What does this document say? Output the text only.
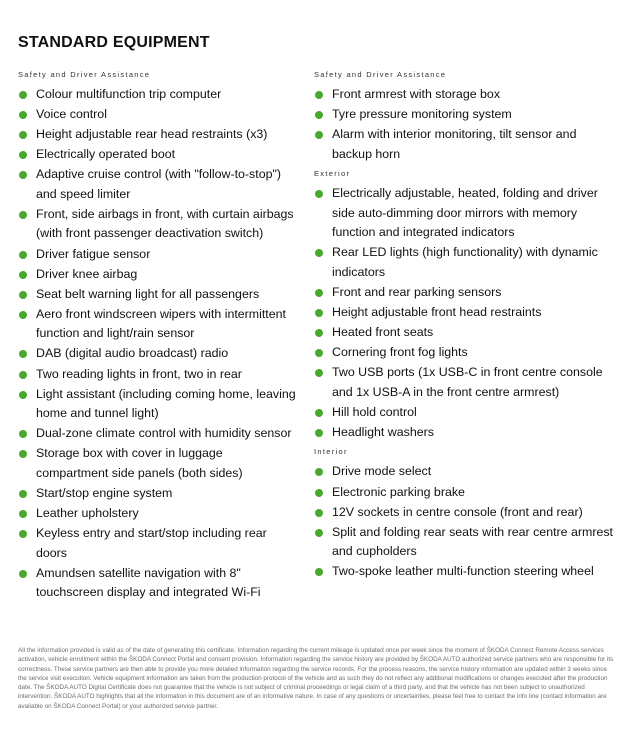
STANDARD EQUIPMENT
Safety and Driver Assistance
Colour multifunction trip computer
Voice control
Height adjustable rear head restraints (x3)
Electrically operated boot
Adaptive cruise control (with "follow-to-stop") and speed limiter
Front, side airbags in front, with curtain airbags (with front passenger deactivation switch)
Driver fatigue sensor
Driver knee airbag
Seat belt warning light for all passengers
Aero front windscreen wipers with intermittent function and light/rain sensor
DAB (digital audio broadcast) radio
Two reading lights in front, two in rear
Light assistant (including coming home, leaving home and tunnel light)
Dual-zone climate control with humidity sensor
Storage box with cover in luggage compartment side panels (both sides)
Start/stop engine system
Leather upholstery
Keyless entry and start/stop including rear doors
Amundsen satellite navigation with 8" touchscreen display and integrated Wi-Fi
Safety and Driver Assistance
Front armrest with storage box
Tyre pressure monitoring system
Alarm with interior monitoring, tilt sensor and backup horn
Exterior
Electrically adjustable, heated, folding and driver side auto-dimming door mirrors with memory function and integrated indicators
Rear LED lights (high functionality) with dynamic indicators
Front and rear parking sensors
Height adjustable front head restraints
Heated front seats
Cornering front fog lights
Two USB ports (1x USB-C in front centre console and 1x USB-A in the front centre armrest)
Hill hold control
Headlight washers
Interior
Drive mode select
Electronic parking brake
12V sockets in centre console (front and rear)
Split and folding rear seats with rear centre armrest and cupholders
Two-spoke leather multi-function steering wheel
All the information provided is valid as of the date of generating this certificate. Information regarding the current mileage is updated once per week since the moment of ŠKODA Connect Remote Access services activation, vehicle enrollment within the ŠKODA Connect Portal and consent provision. Information regarding the service history are provided by ŠKODA AUTO authorized service partners who are responsible for its correctness. These service partners are then able to provide you more detailed information regarding the service records. For the process reasons, the service history information are updated within 3 weeks since the service visit execution. Vehicle equipment information are taken from the production protocol of the vehicle and as such they do not reflect any additional modifications or changes executed after the production date. The ŠKODA AUTO Digital Certificate does not guarantee that the vehicle is not subject of criminal proceedings or legal claim of a third party, and that the vehicle has not been subject to unauthorized intervention. ŠKODA AUTO highlights that all the information in this document are of an informative nature. In case of any questions or uncertainties, please feel free to contact the info line (contact information are available on ŠKODA Connect Portal) or your authorized service partner.
